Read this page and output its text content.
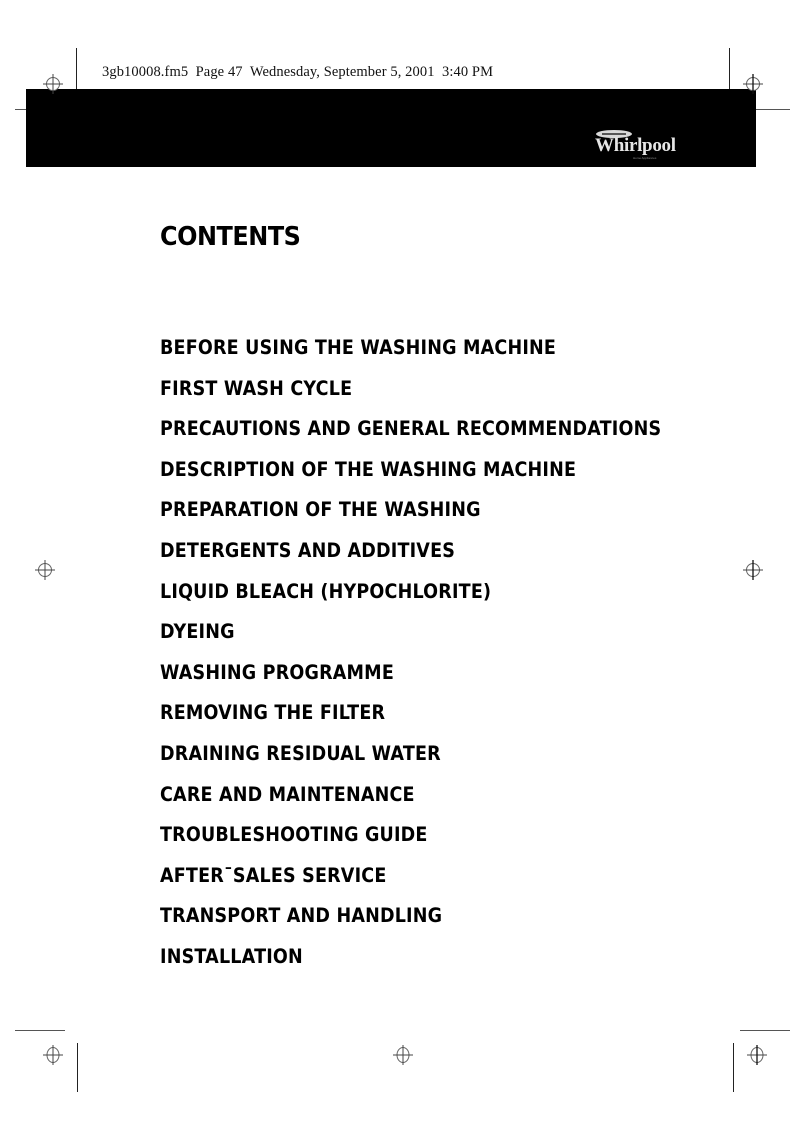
3gb10008.fm5  Page 47  Wednesday, September 5, 2001  3:40 PM
Whirlpool
Home Appliances
CONTENTS
BEFORE USING THE WASHING MACHINE
FIRST WASH CYCLE
PRECAUTIONS AND GENERAL RECOMMENDATIONS
DESCRIPTION OF THE WASHING MACHINE
PREPARATION OF THE WASHING
DETERGENTS AND ADDITIVES
LIQUID BLEACH (HYPOCHLORITE)
DYEING
WASHING PROGRAMME
REMOVING THE FILTER
DRAINING RESIDUAL WATER
CARE AND MAINTENANCE
TROUBLESHOOTING GUIDE
AFTER¯SALES SERVICE
TRANSPORT AND HANDLING
INSTALLATION
